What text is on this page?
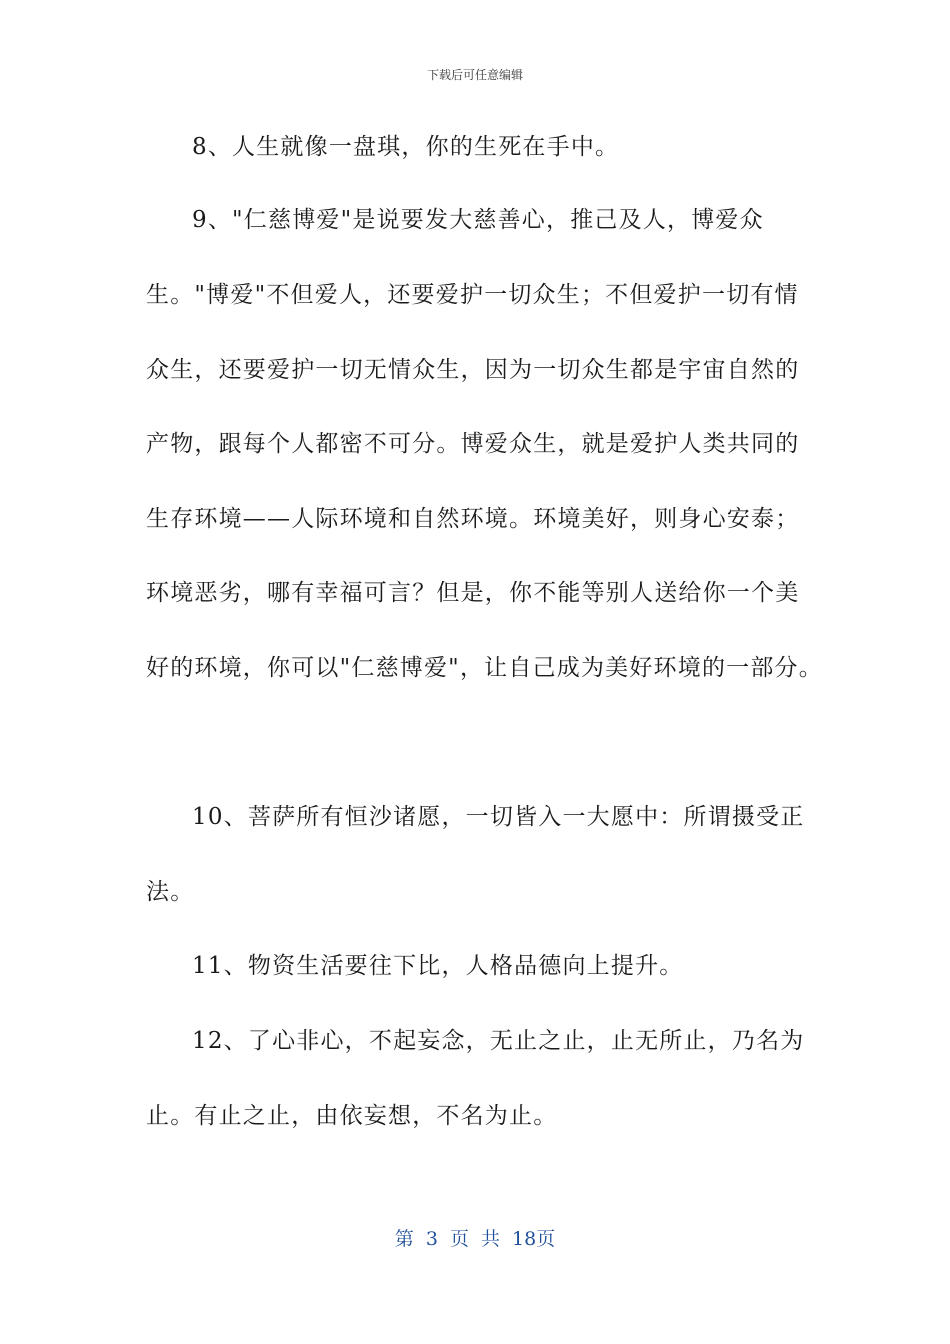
下载后可任意编辑
8、人生就像一盘琪，你的生死在手中。
9、"仁慈博爱"是说要发大慈善心，推己及人，博爱众
生。"博爱"不但爱人，还要爱护一切众生；不但爱护一切有情
众生，还要爱护一切无情众生，因为一切众生都是宇宙自然的
产物，跟每个人都密不可分。博爱众生，就是爱护人类共同的
生存环境——人际环境和自然环境。环境美好，则身心安泰；
环境恶劣，哪有幸福可言？但是，你不能等别人送给你一个美
好的环境，你可以"仁慈博爱"，让自己成为美好环境的一部分。
10、菩萨所有恒沙诸愿，一切皆入一大愿中：所谓摄受正
法。
11、物资生活要往下比，人格品德向上提升。
12、了心非心，不起妄念，无止之止，止无所止，乃名为
止。有止之止，由依妄想，不名为止。
第 3 页 共 18页
